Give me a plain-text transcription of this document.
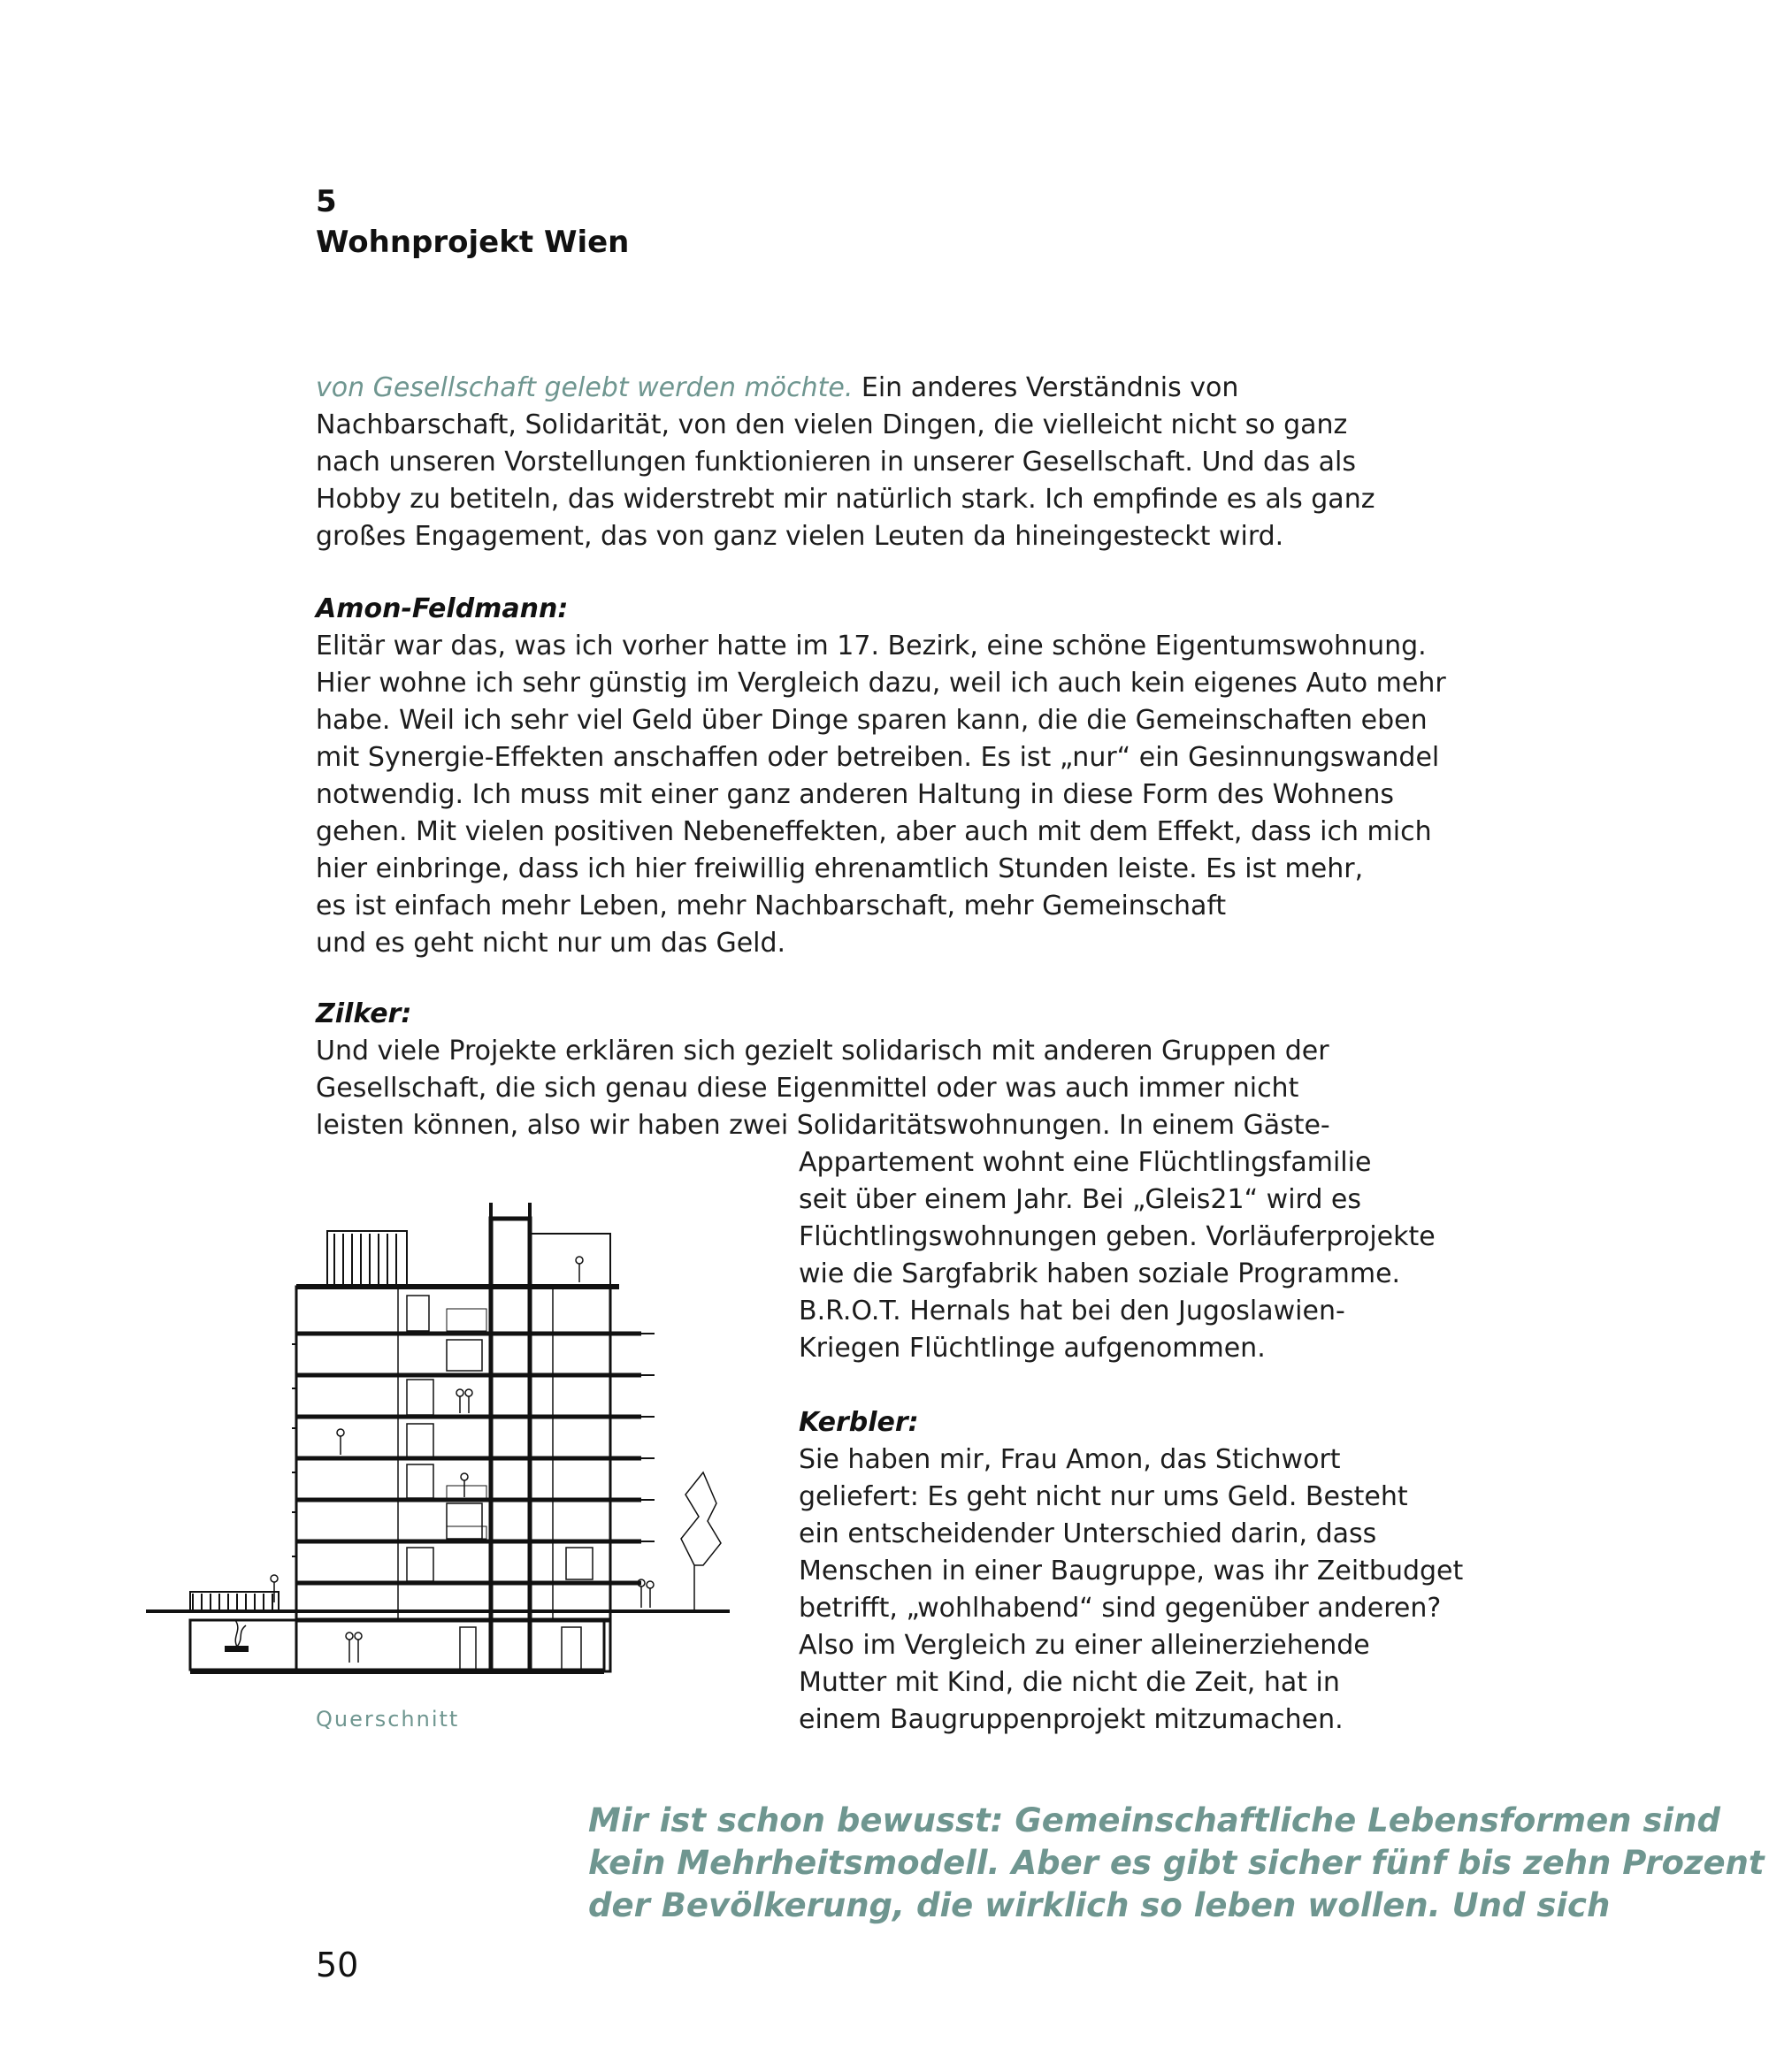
5
Wohnprojekt Wien
von Gesellschaft gelebt werden möchte. Ein anderes Verständnis von
Nachbarschaft, Solidarität, von den vielen Dingen, die vielleicht nicht so ganz
nach unseren Vorstellungen funktionieren in unserer Gesellschaft. Und das als
Hobby zu betiteln, das widerstrebt mir natürlich stark. Ich empfinde es als ganz
großes Engagement, das von ganz vielen Leuten da hineingesteckt wird.
Amon-Feldmann:
Elitär war das, was ich vorher hatte im 17. Bezirk, eine schöne Eigentumswohnung.
Hier wohne ich sehr günstig im Vergleich dazu, weil ich auch kein eigenes Auto mehr
habe. Weil ich sehr viel Geld über Dinge sparen kann, die die Gemeinschaften eben
mit Synergie-Effekten anschaffen oder betreiben. Es ist „nur“ ein Gesinnungswandel
notwendig. Ich muss mit einer ganz anderen Haltung in diese Form des Wohnens
gehen. Mit vielen positiven Nebeneffekten, aber auch mit dem Effekt, dass ich mich
hier einbringe, dass ich hier freiwillig ehrenamtlich Stunden leiste. Es ist mehr,
es ist einfach mehr Leben, mehr Nachbarschaft, mehr Gemeinschaft
und es geht nicht nur um das Geld.
Zilker:
Und viele Projekte erklären sich gezielt solidarisch mit anderen Gruppen der
Gesellschaft, die sich genau diese Eigenmittel oder was auch immer nicht
leisten können, also wir haben zwei Solidaritätswohnungen. In einem Gäste-
Appartement wohnt eine Flüchtlingsfamilie
seit über einem Jahr. Bei „Gleis21“ wird es
Flüchtlingswohnungen geben. Vorläuferprojekte
wie die Sargfabrik haben soziale Programme.
B.R.O.T. Hernals hat bei den Jugoslawien-
Kriegen Flüchtlinge aufgenommen.
Kerbler:
Sie haben mir, Frau Amon, das Stichwort
geliefert: Es geht nicht nur ums Geld. Besteht
ein entscheidender Unterschied darin, dass
Menschen in einer Baugruppe, was ihr Zeitbudget
betrifft, „wohlhabend“ sind gegenüber anderen?
Also im Vergleich zu einer alleinerziehende
Mutter mit Kind, die nicht die Zeit, hat in
einem Baugruppenprojekt mitzumachen.
Querschnitt
Mir ist schon bewusst: Gemeinschaftliche Lebensformen sind
kein Mehrheitsmodell. Aber es gibt sicher fünf bis zehn Prozent
der Bevölkerung, die wirklich so leben wollen. Und sich
50
